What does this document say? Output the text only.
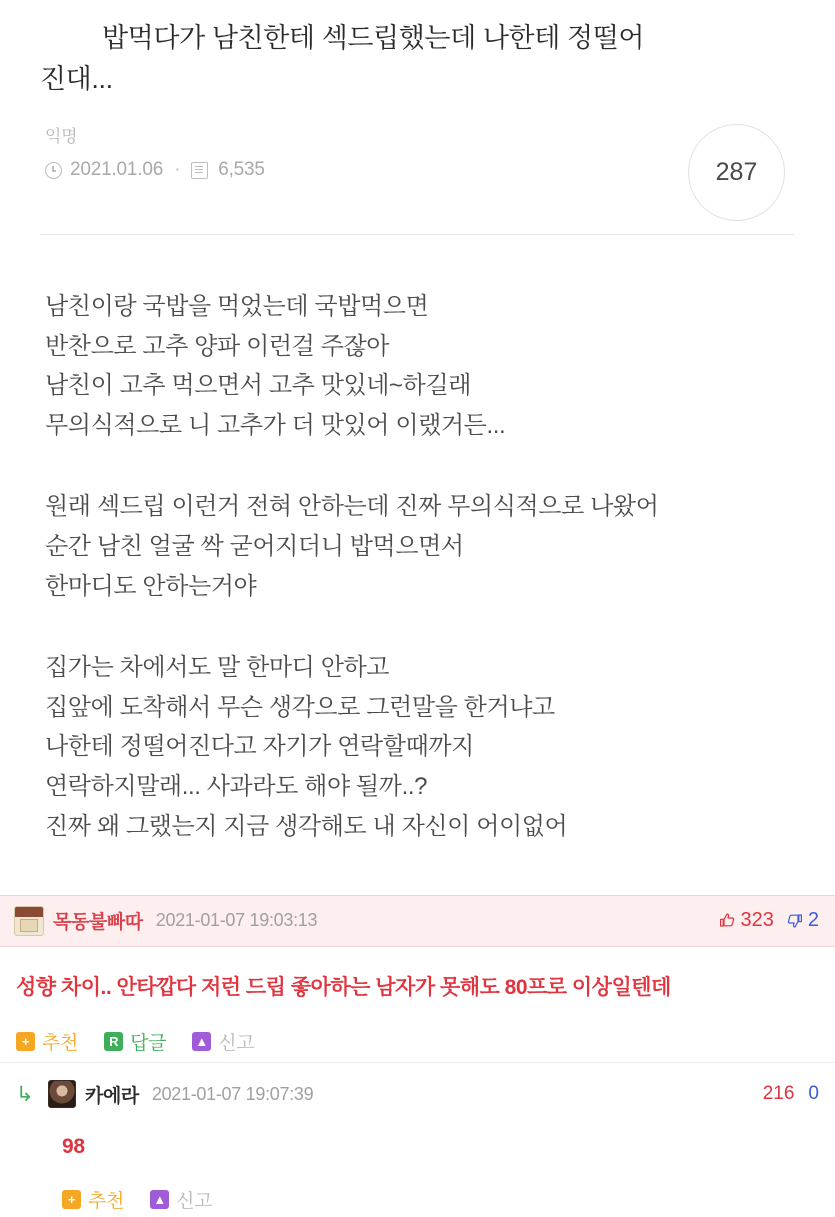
밥먹다가 남친한테 섹드립했는데 나한테 정떨어
진대...
익명
2021.01.06 · 6,535	287
남친이랑 국밥을 먹었는데 국밥먹으면
반찬으로 고추 양파 이런걸 주잖아
남친이 고추 먹으면서 고추 맛있네~하길래
무의식적으로 니 고추가 더 맛있어 이랬거든...
원래 섹드립 이런거 전혀 안하는데 진짜 무의식적으로 나왔어
순간 남친 얼굴 싹 굳어지더니 밥먹으면서
한마디도 안하는거야
집가는 차에서도 말 한마디 안하고
집앞에 도착해서 무슨 생각으로 그런말을 한거냐고
나한테 정떨어진다고 자기가 연락할때까지
연락하지말래... 사과라도 해야 될까..?
진짜 왜 그랬는지 지금 생각해도 내 자신이 어이없어
목동불빠따 2021-01-07 19:03:13	323 2
성향 차이.. 안타깝다 저런 드립 좋아하는 남자가 못해도 80프로 이상일텐데
+ 추천	R 답글 ▲ 신고
↳	카에라 2021-01-07 19:07:39	216 0
98
+ 추천 ▲ 신고
